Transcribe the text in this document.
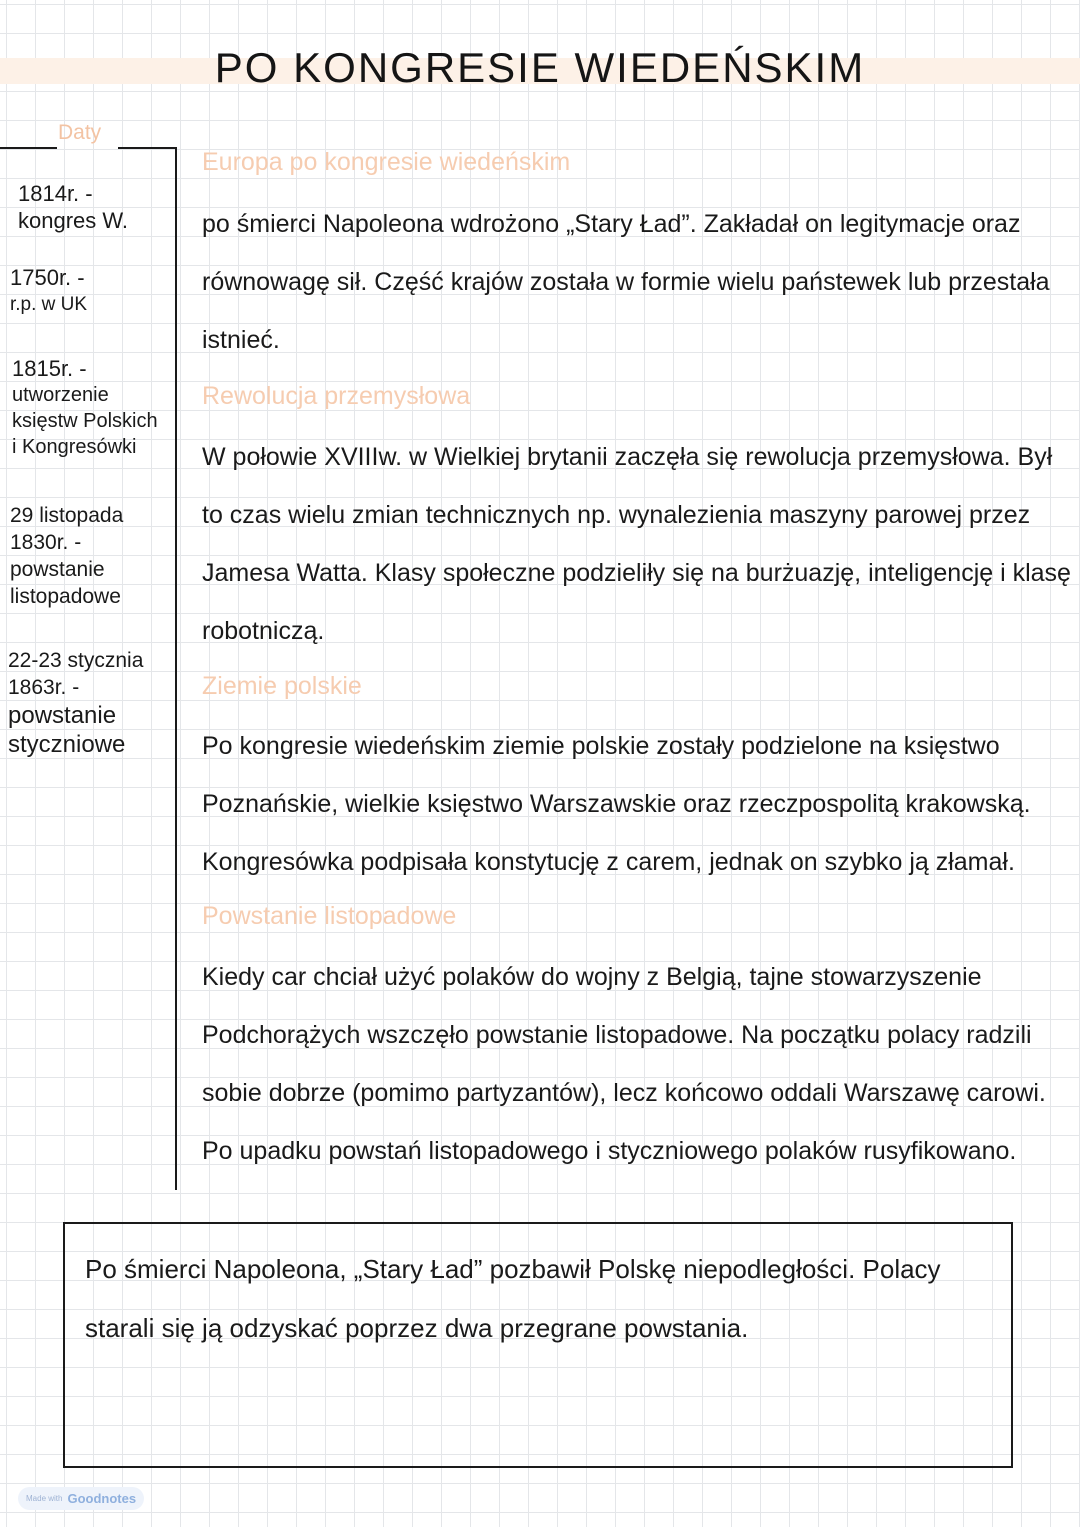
PO KONGRESIE WIEDEŃSKIM
Daty
1814r. -
kongres W.
1750r. -
r.p. w UK
1815r. -
utworzenie księstw Polskich i Kongresówki
29 listopada 1830r. -
powstanie listopadowe
22-23 stycznia 1863r. -
powstanie styczniowe
Europa po kongresie wiedeńskim

po śmierci Napoleona wdrożono „Stary Ład”. Zakładał on legitymacje oraz równowagę sił. Część krajów została w formie wielu państewek lub przestała istnieć.

Rewolucja przemysłowa

W połowie XVIIIw. w Wielkiej brytanii zaczęła się rewolucja przemysłowa. Był to czas wielu zmian technicznych np. wynalezienia maszyny parowej przez Jamesa Watta. Klasy społeczne podzieliły się na burżuazję, inteligencję i klasę robotniczą.

Ziemie polskie

Po kongresie wiedeńskim ziemie polskie zostały podzielone na księstwo Poznańskie, wielkie księstwo Warszawskie oraz rzeczpospolitą krakowską. Kongresówka podpisała konstytucję z carem, jednak on szybko ją złamał.

Powstanie listopadowe

Kiedy car chciał użyć polaków do wojny z Belgią, tajne stowarzyszenie Podchorążych wszczęło powstanie listopadowe. Na początku polacy radzili sobie dobrze (pomimo partyzantów), lecz końcowo oddali Warszawę carowi. Po upadku powstań listopadowego i styczniowego polaków rusyfikowano.

Po śmierci Napoleona, „Stary Ład” pozbawił Polskę niepodległości. Polacy starali się ją odzyskać poprzez dwa przegrane powstania.

Made with Goodnotes
